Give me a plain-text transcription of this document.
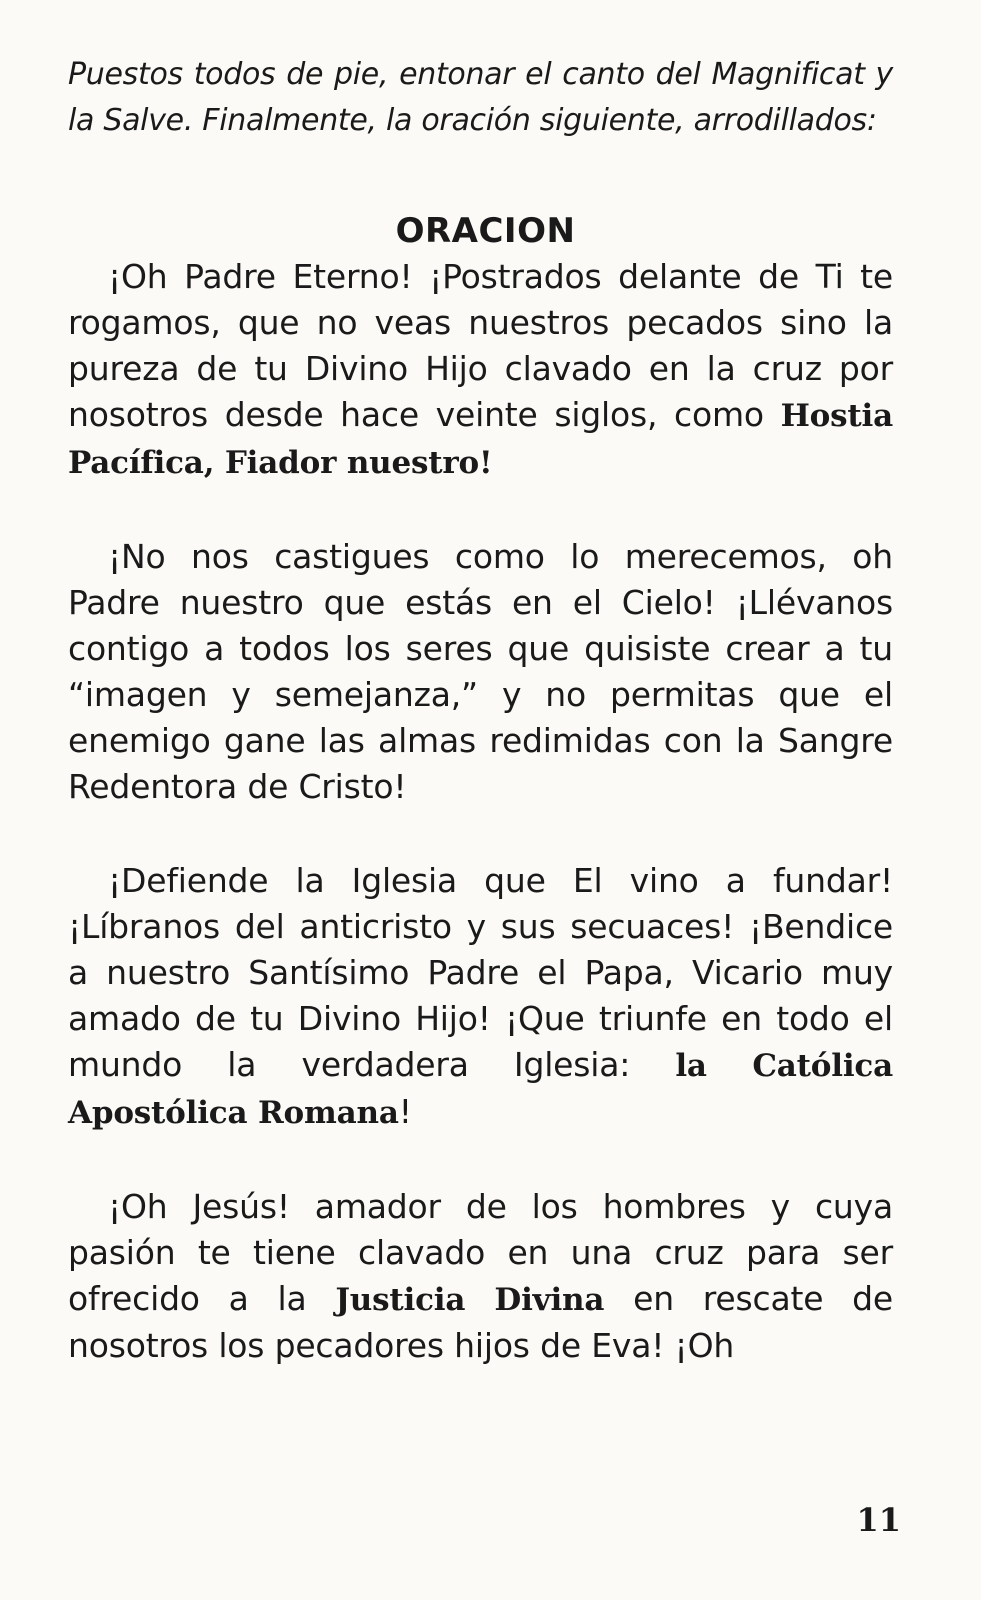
Puestos todos de pie, entonar el canto del Magnificat y la Salve. Finalmente, la oración siguiente, arrodillados:

ORACION

¡Oh Padre Eterno! ¡Postrados delante de Ti te rogamos, que no veas nuestros pecados sino la pureza de tu Divino Hijo clavado en la cruz por nosotros desde hace veinte siglos, como Hostia Pacífica, Fiador nuestro!

¡No nos castigues como lo merecemos, oh Padre nuestro que estás en el Cielo! ¡Llévanos contigo a todos los seres que quisiste crear a tu “imagen y semejanza,” y no permitas que el enemigo gane las almas redimidas con la Sangre Redentora de Cristo!

¡Defiende la Iglesia que El vino a fundar! ¡Líbranos del anticristo y sus secuaces! ¡Bendice a nuestro Santísimo Padre el Papa, Vicario muy amado de tu Divino Hijo! ¡Que triunfe en todo el mundo la verdadera Iglesia: la Católica Apostólica Romana!

¡Oh Jesús! amador de los hombres y cuya pasión te tiene clavado en una cruz para ser ofrecido a la Justicia Divina en rescate de nosotros los pecadores hijos de Eva! ¡Oh

11
